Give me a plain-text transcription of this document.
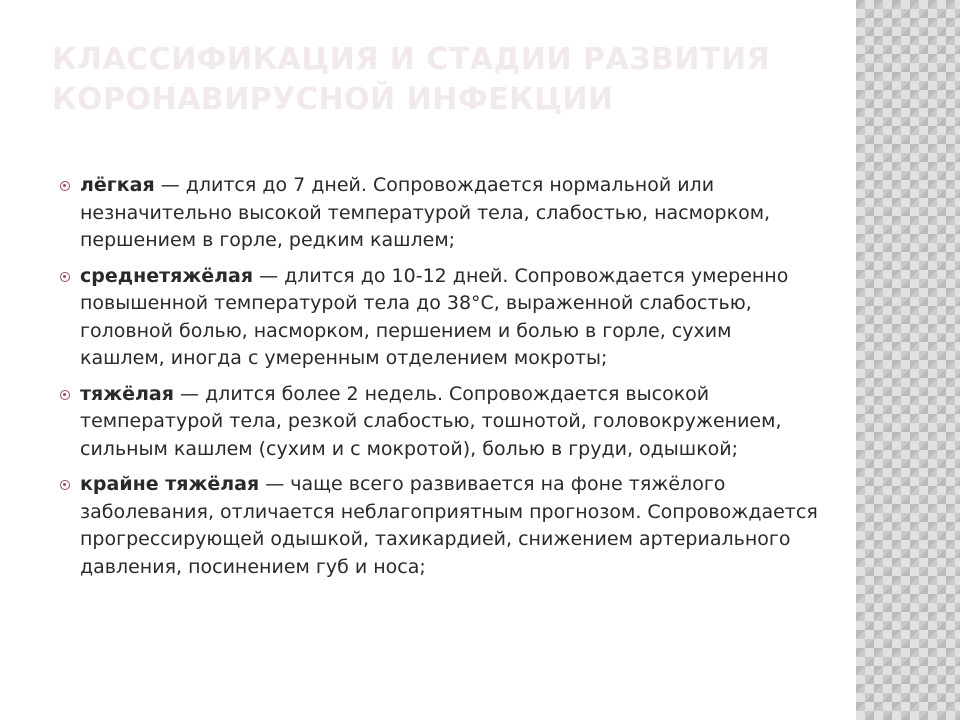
КЛАССИФИКАЦИЯ И СТАДИИ РАЗВИТИЯ КОРОНАВИРУСНОЙ ИНФЕКЦИИ
лёгкая — длится до 7 дней. Сопровождается нормальной или незначительно высокой температурой тела, слабостью, насморком, першением в горле, редким кашлем;
среднетяжёлая — длится до 10-12 дней. Сопровождается умеренно повышенной температурой тела до 38°С, выраженной слабостью, головной болью, насморком, першением и болью в горле, сухим кашлем, иногда с умеренным отделением мокроты;
тяжёлая — длится более 2 недель. Сопровождается высокой температурой тела, резкой слабостью, тошнотой, головокружением, сильным кашлем (сухим и с мокротой), болью в груди, одышкой;
крайне тяжёлая — чаще всего развивается на фоне тяжёлого заболевания, отличается неблагоприятным прогнозом. Сопровождается прогрессирующей одышкой, тахикардией, снижением артериального давления, посинением губ и носа;
